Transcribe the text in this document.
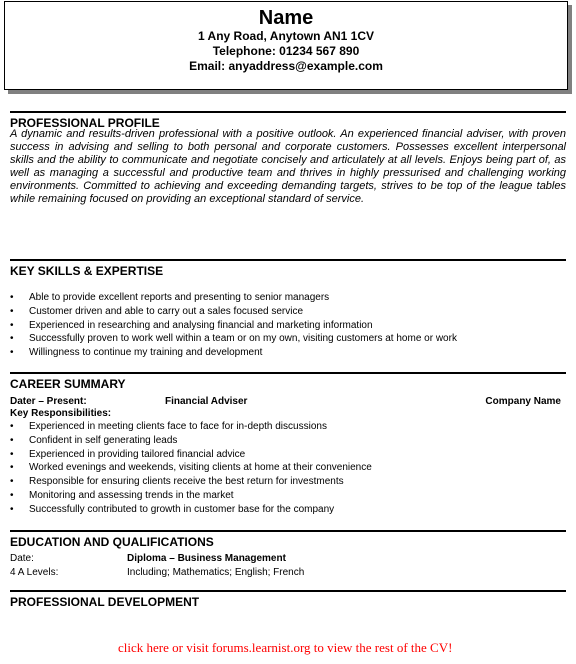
Name
1 Any Road, Anytown AN1 1CV
Telephone: 01234 567 890
Email: anyaddress@example.com
PROFESSIONAL PROFILE

A dynamic and results-driven professional with a positive outlook. An experienced financial adviser, with proven success in advising and selling to both personal and corporate customers. Possesses excellent interpersonal skills and the ability to communicate and negotiate concisely and articulately at all levels. Enjoys being part of, as well as managing a successful and productive team and thrives in highly pressurised and challenging working environments. Committed to achieving and exceeding demanding targets, strives to be top of the league tables while remaining focused on providing an exceptional standard of service.

KEY SKILLS & EXPERTISE
• Able to provide excellent reports and presenting to senior managers
• Customer driven and able to carry out a sales focused service
• Experienced in researching and analysing financial and marketing information
• Successfully proven to work well within a team or on my own, visiting customers at home or work
• Willingness to continue my training and development
CAREER SUMMARY
Dater – Present:	Financial Adviser	Company Name
Key Responsibilities:
• Experienced in meeting clients face to face for in-depth discussions
• Confident in self generating leads
• Experienced in providing tailored financial advice
• Worked evenings and weekends, visiting clients at home at their convenience
• Responsible for ensuring clients receive the best return for investments
• Monitoring and assessing trends in the market
• Successfully contributed to growth in customer base for the company
EDUCATION AND QUALIFICATIONS
Date:	Diploma – Business Management
4 A Levels:	Including; Mathematics; English; French
PROFESSIONAL DEVELOPMENT
click here or visit forums.learnist.org to view the rest of the CV!
